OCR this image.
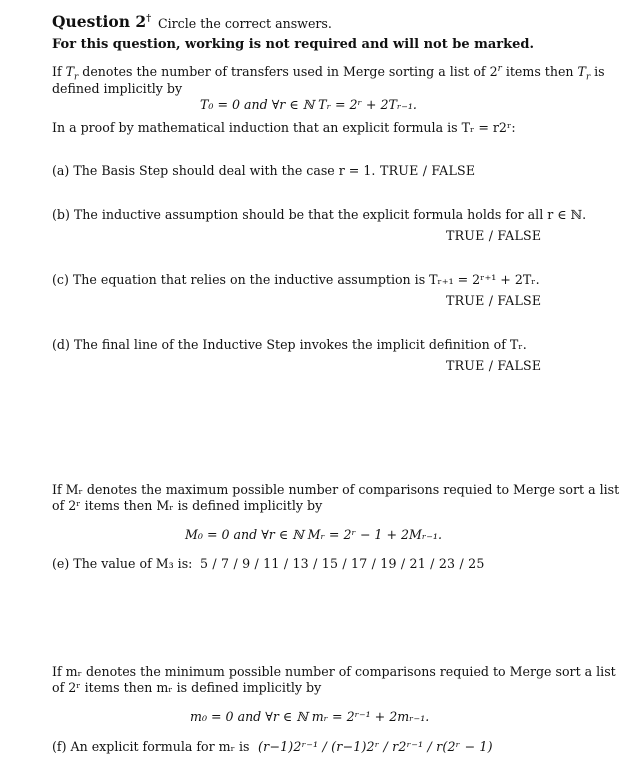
Question 2† Circle the correct answers.
For this question, working is not required and will not be marked.
If $T_r$ denotes the number of transfers used in Merge sorting a list of 2$^r$ items then $T_r$ is
defined implicitly by
T₀ = 0 and ∀r ∈ ℕ Tᵣ = 2ʳ + 2Tᵣ₋₁.
In a proof by mathematical induction that an explicit formula is Tᵣ = r2ʳ:
(a) The Basis Step should deal with the case r = 1. TRUE / FALSE
(b) The inductive assumption should be that the explicit formula holds for all r ∈ ℕ.
TRUE / FALSE
(c) The equation that relies on the inductive assumption is Tᵣ₊₁ = 2ʳ⁺¹ + 2Tᵣ.
TRUE / FALSE
(d) The final line of the Inductive Step invokes the implicit definition of Tᵣ.
TRUE / FALSE
If Mᵣ denotes the maximum possible number of comparisons requied to Merge sort a list
of 2ʳ items then Mᵣ is defined implicitly by
M₀ = 0 and ∀r ∈ ℕ Mᵣ = 2ʳ − 1 + 2Mᵣ₋₁.
(e) The value of M₃ is: 5 / 7 / 9 / 11 / 13 / 15 / 17 / 19 / 21 / 23 / 25
If mᵣ denotes the minimum possible number of comparisons requied to Merge sort a list
of 2ʳ items then mᵣ is defined implicitly by
m₀ = 0 and ∀r ∈ ℕ mᵣ = 2ʳ⁻¹ + 2mᵣ₋₁.
(f) An explicit formula for mᵣ is (r−1)2ʳ⁻¹ / (r−1)2ʳ / r2ʳ⁻¹ / r(2ʳ − 1)
